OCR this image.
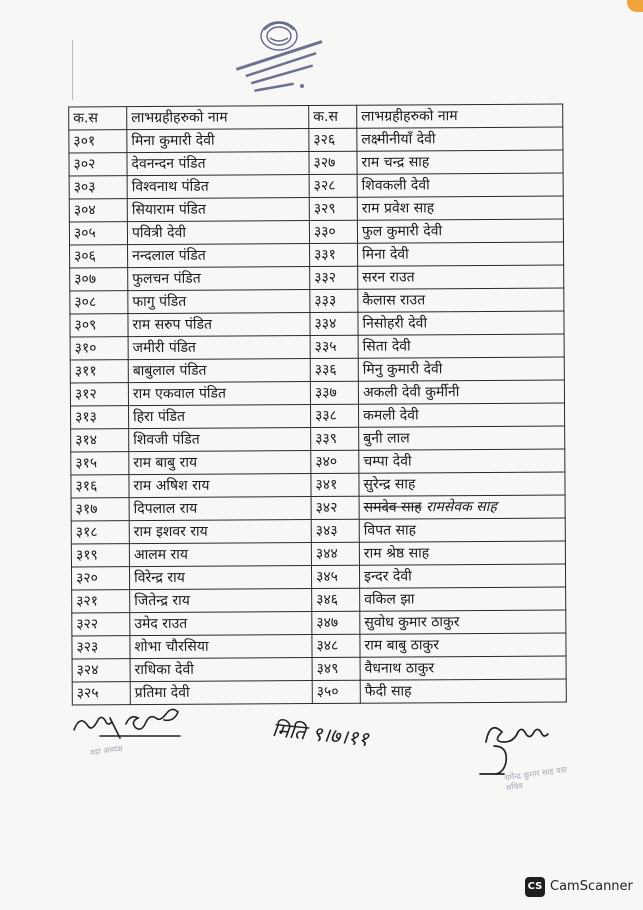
क.स	लाभग्रहीहरुको नाम	क.स	लाभग्रहीहरुको नाम
३०१	मिना कुमारी देवी	३२६	लक्ष्मीनीयाँ देवी
३०२	देवनन्दन पंडित	३२७	राम चन्द्र साह
३०३	विश्वनाथ पंडित	३२८	शिवकली देवी
३०४	सियाराम पंडित	३२९	राम प्रवेश साह
३०५	पवित्री देवी	३३०	फुल कुमारी देवी
३०६	नन्दलाल पंडित	३३१	मिना देवी
३०७	फुलचन पंडित	३३२	सरन राउत
३०८	फागु पंडित	३३३	कैलास राउत
३०९	राम सरुप पंडित	३३४	निसोहरी देवी
३१०	जमीरी पंडित	३३५	सिता देवी
३११	बाबुलाल पंडित	३३६	मिनु कुमारी देवी
३१२	राम एकवाल पंडित	३३७	अकली देवी कुर्मीनी
३१३	हिरा पंडित	३३८	कमली देवी
३१४	शिवजी पंडित	३३९	बुनी लाल
३१५	राम बाबु राय	३४०	चम्पा देवी
३१६	राम अषिश राय	३४१	सुरेन्द्र साह
३१७	दिपलाल राय	३४२	समदेव साह रामसेवक साह
३१८	राम इशवर राय	३४३	विपत साह
३१९	आलम राय	३४४	राम श्रेष्ठ साह
३२०	विरेन्द्र राय	३४५	इन्दर देवी
३२१	जितेन्द्र राय	३४६	वकिल झा
३२२	उमेद राउत	३४७	सुवोध कुमार ठाकुर
३२३	शोभा चौरसिया	३४८	राम बाबु ठाकुर
३२४	राधिका देवी	३४९	वैधनाथ ठाकुर
३२५	प्रतिमा देवी	३५०	फैदी साह
वडा अध्यक्ष	मिति ९।७।११
धर्मेन्द्र कुमार साह वडा सचिव
CS CamScanner
